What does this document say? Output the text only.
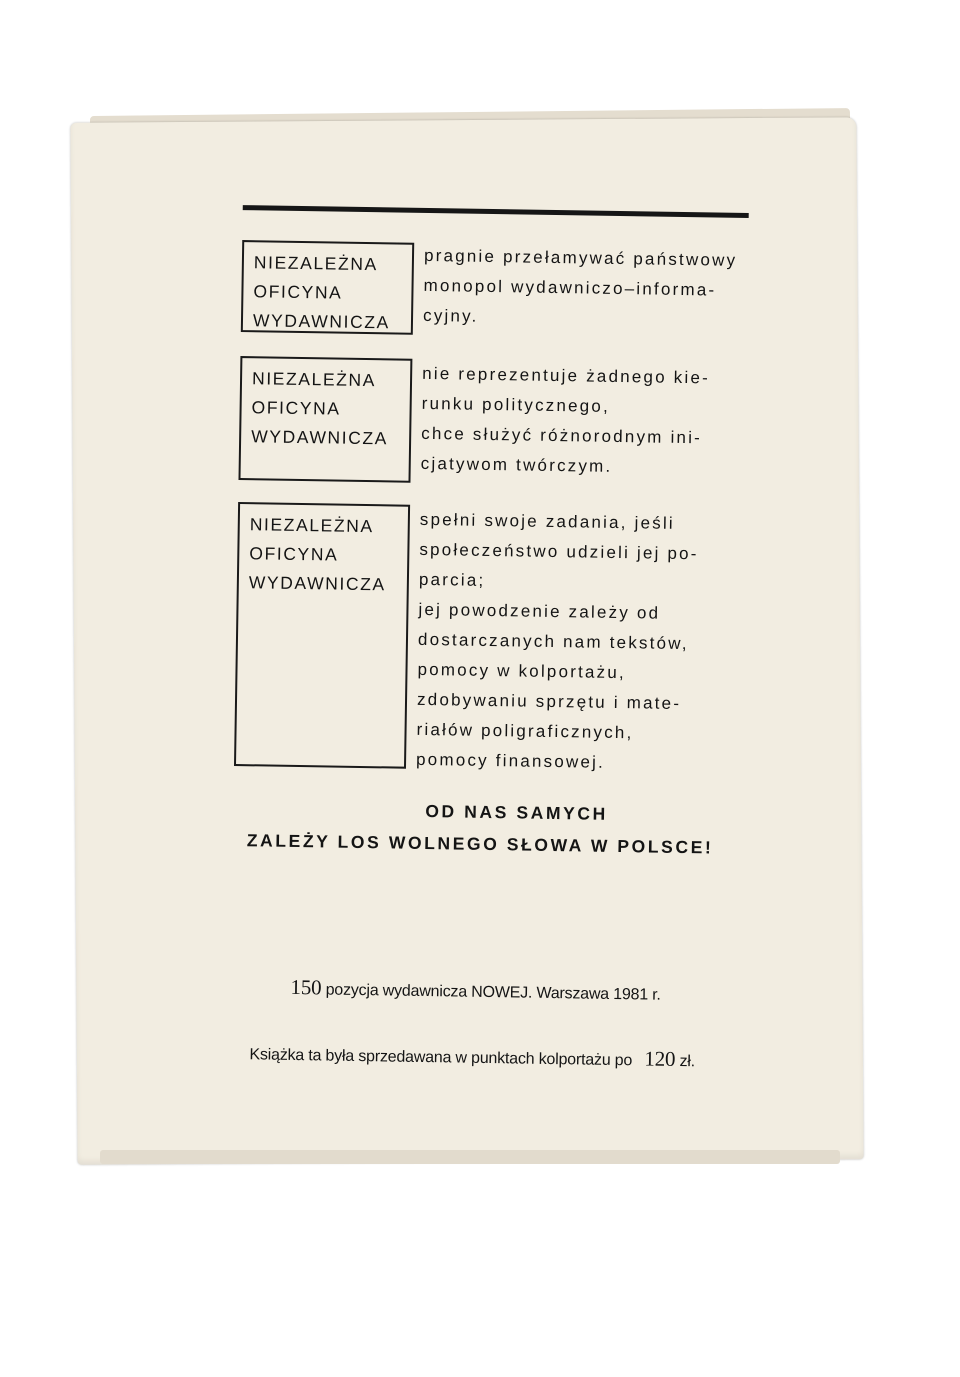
NIEZALEŻNA
OFICYNA
WYDAWNICZA
pragnie przełamywać państwowy
monopol wydawniczo–informa-
cyjny.
NIEZALEŻNA
OFICYNA
WYDAWNICZA
nie reprezentuje żadnego kie-
runku politycznego,
chce służyć różnorodnym ini-
cjatywom twórczym.
NIEZALEŻNA
OFICYNA
WYDAWNICZA
spełni swoje zadania, jeśli
społeczeństwo udzieli jej po-
parcia;
jej powodzenie zależy od
dostarczanych nam tekstów,
pomocy w kolportażu,
zdobywaniu sprzętu i mate-
riałów poligraficznych,
pomocy finansowej.
OD NAS SAMYCH
ZALEŻY LOS WOLNEGO SŁOWA W POLSCE!
150 pozycja wydawnicza NOWEJ. Warszawa 1981 r.
Książka ta była sprzedawana w punktach kolportażu po 120 zł.
